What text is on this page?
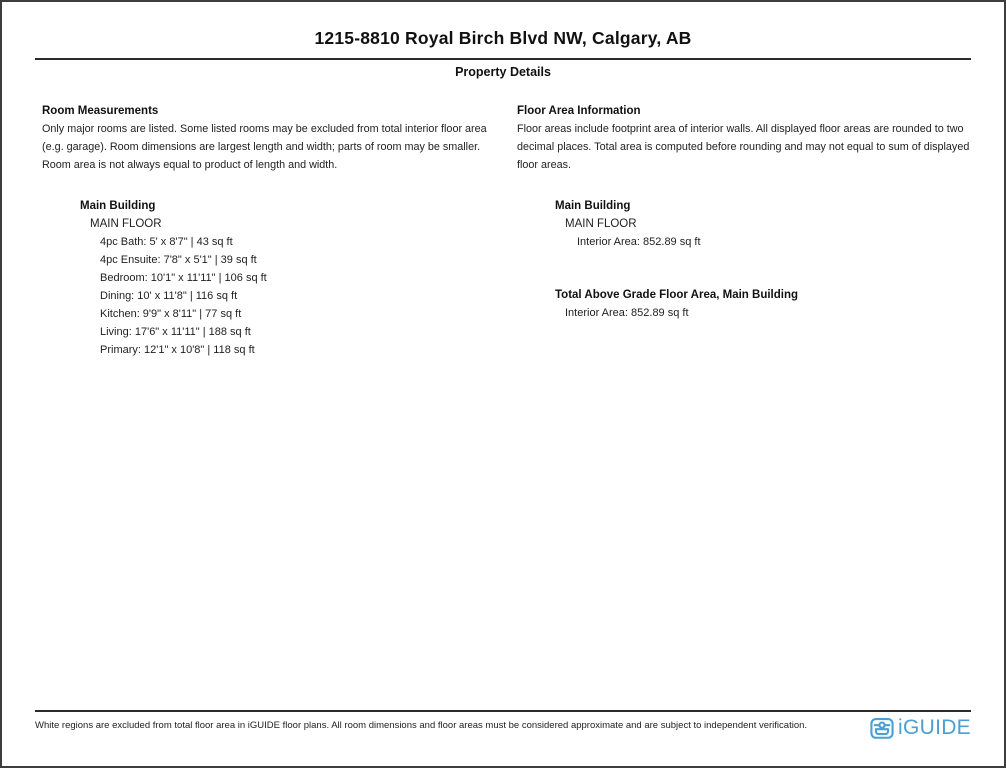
1215-8810 Royal Birch Blvd NW, Calgary, AB
Property Details
Room Measurements
Only major rooms are listed. Some listed rooms may be excluded from total interior floor area (e.g. garage). Room dimensions are largest length and width; parts of room may be smaller. Room area is not always equal to product of length and width.
Main Building
MAIN FLOOR
4pc Bath: 5' x 8'7" | 43 sq ft
4pc Ensuite: 7'8" x 5'1" | 39 sq ft
Bedroom: 10'1" x 11'11" | 106 sq ft
Dining: 10' x 11'8" | 116 sq ft
Kitchen: 9'9" x 8'11" | 77 sq ft
Living: 17'6" x 11'11" | 188 sq ft
Primary: 12'1" x 10'8" | 118 sq ft
Floor Area Information
Floor areas include footprint area of interior walls. All displayed floor areas are rounded to two decimal places. Total area is computed before rounding and may not equal to sum of displayed floor areas.
Main Building
MAIN FLOOR
Interior Area: 852.89 sq ft
Total Above Grade Floor Area, Main Building
Interior Area: 852.89 sq ft
White regions are excluded from total floor area in iGUIDE floor plans. All room dimensions and floor areas must be considered approximate and are subject to independent verification.	iGUIDE
